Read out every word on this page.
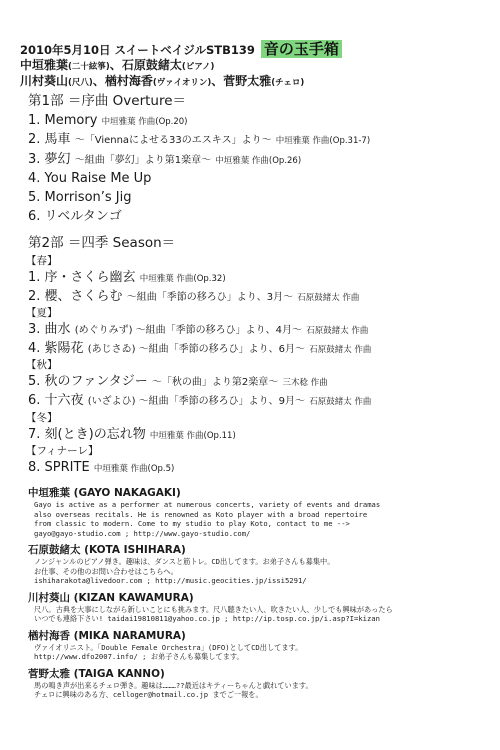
2010年5月10日 スイートベイジルSTB139 音の玉手箱
中垣雅葉(二十絃箏)、石原鼓緒太(ピアノ)
川村葵山(尺八)、楢村海香(ヴァイオリン)、菅野太雅(チェロ)
第1部 ＝序曲 Overture＝
1. Memory 中垣雅葉 作曲(Op.20)
2. 馬車 ～「Viennaによせる33のエスキス」より～ 中垣雅葉 作曲(Op.31-7)
3. 夢幻 ～組曲「夢幻」より第1楽章～ 中垣雅葉 作曲(Op.26)
4. You Raise Me Up
5. Morrison’s Jig
6. リベルタンゴ
第2部 ＝四季 Season＝
【春】
1. 序・さくら幽玄 中垣雅葉 作曲(Op.32)
2. 櫻、さくらむ ～組曲「季節の移ろひ」より、3月～ 石原鼓緒太 作曲
【夏】
3. 曲水 (めぐりみず) ～組曲「季節の移ろひ」より、4月～ 石原鼓緒太 作曲
4. 紫陽花 (あじさゐ) ～組曲「季節の移ろひ」より、6月～ 石原鼓緒太 作曲
【秋】
5. 秋のファンタジー ～「秋の曲」より第2楽章～ 三木稔 作曲
6. 十六夜 (いざよひ) ～組曲「季節の移ろひ」より、9月～ 石原鼓緒太 作曲
【冬】
7. 刻(とき)の忘れ物 中垣雅葉 作曲(Op.11)
【フィナーレ】
8. SPRITE 中垣雅葉 作曲(Op.5)
中垣雅葉 (GAYO NAKAGAKI)
Gayo is active as a performer at numerous concerts, variety of events and dramas
also overseas recitals. He is renowned as Koto player with a broad repertoire
from classic to modern. Come to my studio to play Koto, contact to me -->
gayo@gayo-studio.com ; http://www.gayo-studio.com/
石原鼓緒太 (KOTA ISHIHARA)
ノンジャンルのピアノ弾き。趣味は、ダンスと筋トレ。CD出してます。お弟子さんも募集中。
お仕事、その他のお問い合わせはこちらへ。
ishiharakota@livedoor.com ; http://music.geocities.jp/issi5291/
川村葵山 (KIZAN KAWAMURA)
尺八。古典を大事にしながら新しいことにも挑みます。尺八聴きたい人、吹きたい人、少しでも興味があったら
いつでも連絡下さい! taidai19810811@yahoo.co.jp ; http://ip.tosp.co.jp/i.asp?I=kizan
楢村海香 (MIKA NARAMURA)
ヴァイオリニスト。「Double Female Orchestra」(DFO)としてCD出してます。
http://www.dfo2007.info/ ; お弟子さんも募集してます。
菅野太雅 (TAIGA KANNO)
馬の鳴き声が出来るチェロ弾き。趣味は………??最近はキティーちゃんと戯れています。
チェロに興味のある方、celloger@hotmail.co.jp までご一報を。
